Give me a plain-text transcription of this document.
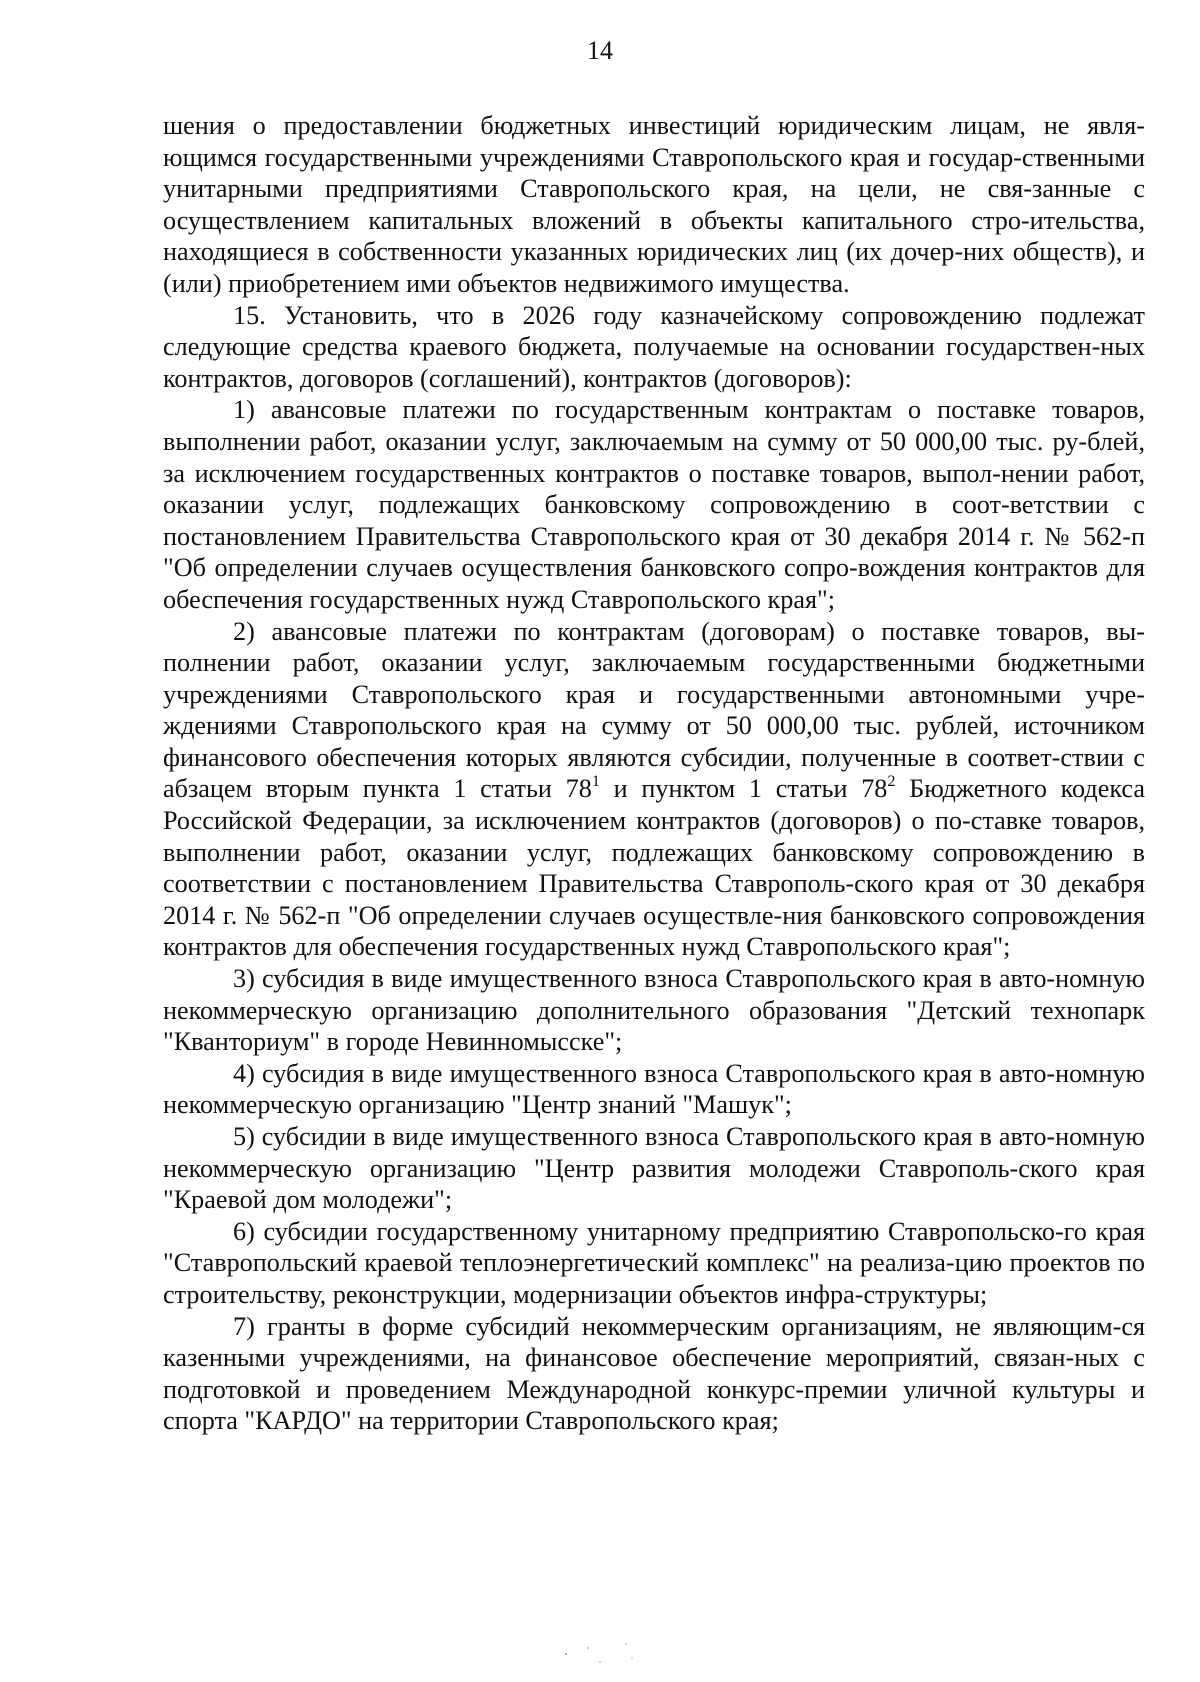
14

шения о предоставлении бюджетных инвестиций юридическим лицам, не явля-ющимся государственными учреждениями Ставропольского края и государ-ственными унитарными предприятиями Ставропольского края, на цели, не свя-занные с осуществлением капитальных вложений в объекты капитального стро-ительства, находящиеся в собственности указанных юридических лиц (их дочер-них обществ), и (или) приобретением ими объектов недвижимого имущества.

15. Установить, что в 2026 году казначейскому сопровождению подлежат следующие средства краевого бюджета, получаемые на основании государствен-ных контрактов, договоров (соглашений), контрактов (договоров):

1) авансовые платежи по государственным контрактам о поставке товаров, выполнении работ, оказании услуг, заключаемым на сумму от 50 000,00 тыс. ру-блей, за исключением государственных контрактов о поставке товаров, выпол-нении работ, оказании услуг, подлежащих банковскому сопровождению в соот-ветствии с постановлением Правительства Ставропольского края от 30 декабря 2014 г. № 562-п "Об определении случаев осуществления банковского сопро-вождения контрактов для обеспечения государственных нужд Ставропольского края";

2) авансовые платежи по контрактам (договорам) о поставке товаров, вы-полнении работ, оказании услуг, заключаемым государственными бюджетными учреждениями Ставропольского края и государственными автономными учре-ждениями Ставропольского края на сумму от 50 000,00 тыс. рублей, источником финансового обеспечения которых являются субсидии, полученные в соответ-ствии с абзацем вторым пункта 1 статьи $78^1$ и пунктом 1 статьи $78^2$ Бюджетного кодекса Российской Федерации, за исключением контрактов (договоров) о по-ставке товаров, выполнении работ, оказании услуг, подлежащих банковскому сопровождению в соответствии с постановлением Правительства Ставрополь-ского края от 30 декабря 2014 г. № 562-п "Об определении случаев осуществле-ния банковского сопровождения контрактов для обеспечения государственных нужд Ставропольского края";

3) субсидия в виде имущественного взноса Ставропольского края в авто-номную некоммерческую организацию дополнительного образования "Детский технопарк "Кванториум" в городе Невинномысске";

4) субсидия в виде имущественного взноса Ставропольского края в авто-номную некоммерческую организацию "Центр знаний "Машук";

5) субсидии в виде имущественного взноса Ставропольского края в авто-номную некоммерческую организацию "Центр развития молодежи Ставрополь-ского края "Краевой дом молодежи";

6) субсидии государственному унитарному предприятию Ставропольско-го края "Ставропольский краевой теплоэнергетический комплекс" на реализа-цию проектов по строительству, реконструкции, модернизации объектов инфра-структуры;

7) гранты в форме субсидий некоммерческим организациям, не являющим-ся казенными учреждениями, на финансовое обеспечение мероприятий, связан-ных с подготовкой и проведением Международной конкурс-премии уличной культуры и спорта "КАРДО" на территории Ставропольского края;
